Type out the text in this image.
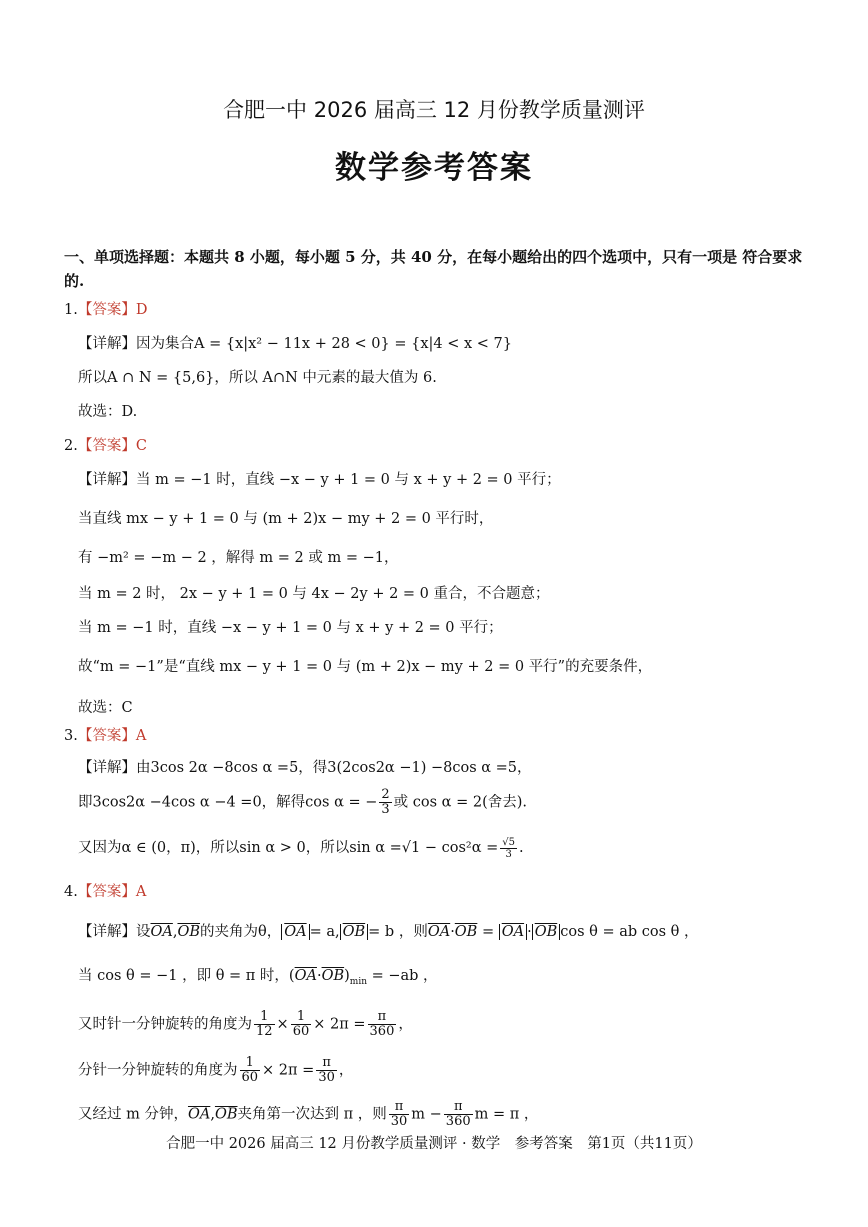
合肥一中 2026 届高三 12 月份教学质量测评
数学参考答案
一、单项选择题：本题共 8 小题，每小题 5 分，共 40 分，在每小题给出的四个选项中，只有一项是 符合要求
的.
1.【答案】D
【详解】因为集合A = {x|x² − 11x + 28 < 0} = {x|4 < x < 7}
所以A ∩ N = {5,6}，所以 A∩N 中元素的最大值为 6.
故选：D.
2.【答案】C
【详解】当 m = −1 时，直线 −x − y + 1 = 0 与 x + y + 2 = 0 平行；
当直线 mx − y + 1 = 0 与 (m + 2)x − my + 2 = 0 平行时，
有 −m² = −m − 2 ，解得 m = 2 或 m = −1，
当 m = 2 时， 2x − y + 1 = 0 与 4x − 2y + 2 = 0 重合，不合题意；
当 m = −1 时，直线 −x − y + 1 = 0 与 x + y + 2 = 0 平行；
故“m = −1”是“直线 mx − y + 1 = 0 与 (m + 2)x − my + 2 = 0 平行”的充要条件，
故选：C
3.【答案】A
【详解】由3cos 2α −8cos α =5，得3(2cos2α −1) −8cos α =5，
即3cos2α −4cos α −4 =0，解得cos α = − $\frac{2}{3}$ 或 cos α = 2(舍去).
又因为α ∈ (0，π)，所以sin α > 0，所以$\sin \alpha =√1 - \cos^2\alpha = \frac{√5}{3}$ .
4.【答案】A
【详解】设$\overline{OA},\overline{OB}$的夹角为θ， $\overline{OA} = a$, $\overline{OB} = b$ ，则$\overline{OA}\cdot\overline{OB} = \overline{OA} \cdot \overline{OB}$ cos θ = ab cos θ ，
当 cos θ = −1 ，即 θ = π 时，$(\overline{OA}\cdot\overline{OB})_{min} = -ab$ ，
又时针一分钟旋转的角度为 $\frac{1}{12} \times \frac{1}{60} \times 2\pi = \frac{\pi}{360}$ ，
分针一分钟旋转的角度为 $\frac{1}{60} \times 2\pi = \frac{\pi}{30}$ ，
又经过 m 分钟，$\overline{OA},\overline{OB}$夹角第一次达到 π ，则 $\frac{\pi}{30}$ $m - \frac{\pi}{360}$ m = π ，
合肥一中 2026 届高三 12 月份教学质量测评 · 数学　参考答案　第1页（共11页）
